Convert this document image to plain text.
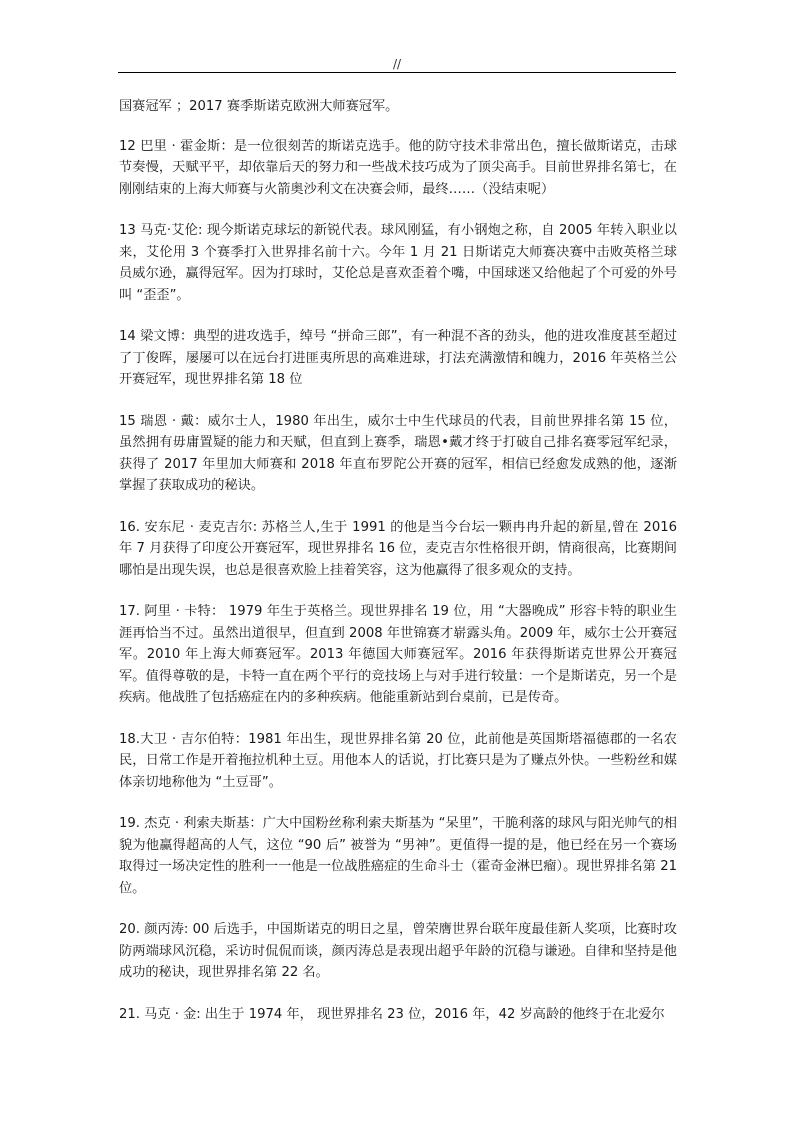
//

国赛冠军 ；2017 赛季斯诺克欧洲大师赛冠军。

12 巴里 · 霍金斯：是一位很刻苦的斯诺克选手。他的防守技术非常出色，擅长做斯诺克，击球节奏慢，天赋平平，却依靠后天的努力和一些战术技巧成为了顶尖高手。目前世界排名第七，在刚刚结束的上海大师赛与火箭奥沙利文在决赛会师，最终……（没结束呢）

13 马克·艾伦: 现今斯诺克球坛的新锐代表。球风刚猛，有小钢炮之称，自 2005 年转入职业以来，艾伦用 3 个赛季打入世界排名前十六。今年 1 月 21 日斯诺克大师赛决赛中击败英格兰球员威尔逊，赢得冠军。因为打球时，艾伦总是喜欢歪着个嘴，中国球迷又给他起了个可爱的外号叫 “歪歪”。

14 梁文博：典型的进攻选手，绰号 “拼命三郎”，有一种混不吝的劲头，他的进攻准度甚至超过了丁俊晖，屡屡可以在远台打进匪夷所思的高难进球，打法充满激情和魄力，2016 年英格兰公开赛冠军，现世界排名第 18 位

15 瑞恩 · 戴：威尔士人，1980 年出生，威尔士中生代球员的代表，目前世界排名第 15 位，虽然拥有毋庸置疑的能力和天赋，但直到上赛季，瑞恩•戴才终于打破自己排名赛零冠军纪录，获得了 2017 年里加大师赛和 2018 年直布罗陀公开赛的冠军，相信已经愈发成熟的他，逐渐掌握了获取成功的秘诀。

16. 安东尼 · 麦克吉尔: 苏格兰人,生于 1991 的他是当今台坛一颗冉冉升起的新星,曾在 2016 年 7 月获得了印度公开赛冠军，现世界排名 16 位，麦克吉尔性格很开朗，情商很高，比赛期间哪怕是出现失误，也总是很喜欢脸上挂着笑容，这为他赢得了很多观众的支持。

17. 阿里 · 卡特： 1979 年生于英格兰。现世界排名 19 位，用 “大器晚成” 形容卡特的职业生涯再恰当不过。虽然出道很早，但直到 2008 年世锦赛才崭露头角。2009 年，威尔士公开赛冠军。2010 年上海大师赛冠军。2013 年德国大师赛冠军。2016 年获得斯诺克世界公开赛冠军。值得尊敬的是，卡特一直在两个平行的竞技场上与对手进行较量：一个是斯诺克，另一个是疾病。他战胜了包括癌症在内的多种疾病。他能重新站到台桌前，已是传奇。

18.大卫 · 吉尔伯特：1981 年出生，现世界排名第 20 位，此前他是英国斯塔福德郡的一名农民，日常工作是开着拖拉机种土豆。用他本人的话说，打比赛只是为了赚点外快。一些粉丝和媒体亲切地称他为 “土豆哥”。

19. 杰克 · 利索夫斯基：广大中国粉丝称利索夫斯基为 “呆里”，干脆利落的球风与阳光帅气的相貌为他赢得超高的人气，这位 “90 后” 被誉为 “男神”。更值得一提的是，他已经在另一个赛场取得过一场决定性的胜利一一他是一位战胜癌症的生命斗士（霍奇金淋巴瘤）。现世界排名第 21 位。

20. 颜丙涛: 00 后选手，中国斯诺克的明日之星，曾荣膺世界台联年度最佳新人奖项，比赛时攻防两端球风沉稳，采访时侃侃而谈，颜丙涛总是表现出超乎年龄的沉稳与谦逊。自律和坚持是他成功的秘诀，现世界排名第 22 名。

21. 马克 · 金: 出生于 1974 年， 现世界排名 23 位，2016 年，42 岁高龄的他终于在北爱尔
